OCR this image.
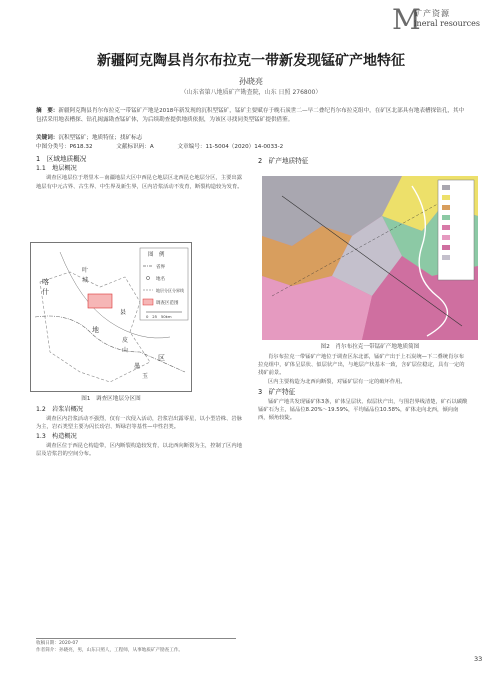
M
矿产资源
ineral resources
新疆阿克陶县肖尔布拉克一带新发现锰矿产地特征
孙晓亮
（山东省第八地质矿产勘查院，山东 日照 276800）
摘　要：新疆阿克陶县肖尔布拉克一带锰矿产地是2018年新发现的沉积型锰矿，锰矿主要赋存于晚石炭世二—早二叠纪肖尔布拉克组中，在矿区北部具有地表槽探钻孔，其中包括采用地表槽探、钻孔揭露勘查锰矿体，为后续勘查提供地质依据，为该区寻找同类型锰矿提供借鉴。
关键词：沉积型锰矿；地质特征；找矿标志
中图分类号：P618.32	文献标识码：A	文章编号：11-5004（2020）14-0033-2
1　区域地质概况
1.1　地层概况

调查区地层位于塔里木－南疆地层大区中西昆仑地层区北西昆仑地层分区，主要出露地层有中元古界、古生界、中生界及新生界，区内岩浆活动不发育，断裂构造较为发育。

喀
什
地
区
叶
城
县
皮
山
墨
玉
图　例
省界
地名
地层分区分界线
调查区范围
0　25　50km
图1　调查区地层分区图
1.2　岩浆岩概况

调查区内岩浆活动不强烈，仅有一次侵入活动，岩浆岩出露零星，以小型岩株、岩脉为主，岩石类型主要为闪长玢岩、辉绿岩等基性—中性岩类。

1.3　构造概况

调查区位于西昆仑构造带，区内断裂构造较发育，以北西向断裂为主，控制了区内地层及岩浆岩的空间分布。

2　矿产地质特征
图2　肖尔布拉克一带锰矿产地地质简图

肖尔布拉克一带锰矿产地位于调查区东北部，锰矿产出于上石炭统—下二叠统肖尔布拉克组中，矿体呈层状、似层状产出，与地层产状基本一致，含矿层位稳定，具有一定的找矿前景。

区内主要构造为北西向断裂，对锰矿层有一定的破坏作用。

3　矿产特征

锰矿产地共发现锰矿体3条，矿体呈层状、似层状产出，与围岩界线清楚，矿石以碳酸锰矿石为主，锰品位8.20%～19.59%，平均锰品位10.58%，矿体走向北西，倾向南西，倾角较陡。

收稿日期：2020-07
作者简介：孙晓亮，男，山东日照人，工程师，从事地质矿产勘查工作。
33
